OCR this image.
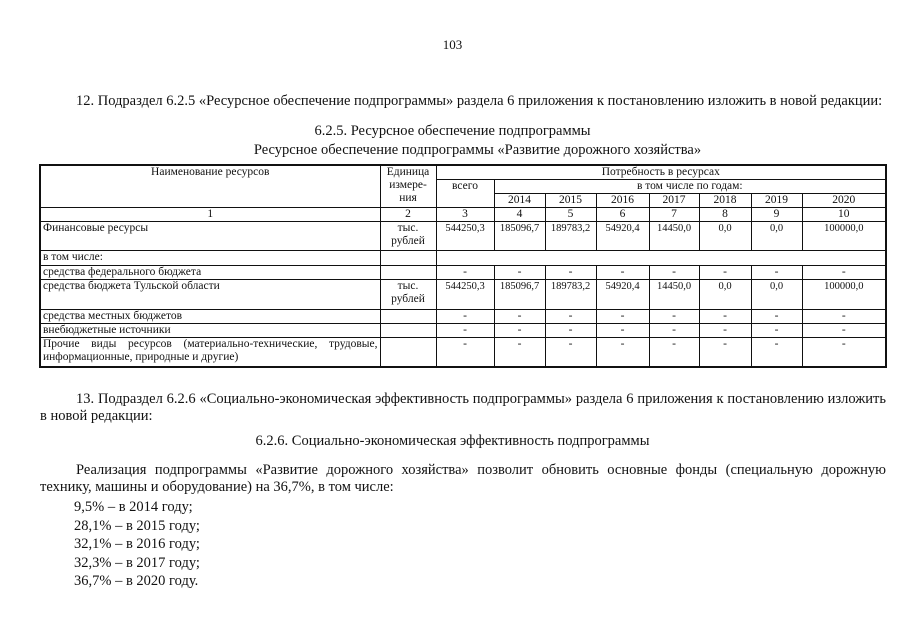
103
12. Подраздел 6.2.5 «Ресурсное обеспечение подпрограммы» раздела 6 приложения к постановлению изложить в новой редакции:
6.2.5. Ресурсное обеспечение подпрограммы
Ресурсное обеспечение подпрограммы «Развитие дорожного хозяйства»
Наименование ресурсов	Единица измере-ния	Потребность в ресурсах							
		всего	в том числе по годам:						
			2014	2015	2016	2017	2018	2019	2020
1	2	3	4	5	6	7	8	9	10
Финансовые ресурсы	тыс. рублей	544250,3	185096,7	189783,2	54920,4	14450,0	0,0	0,0	100000,0
в том числе:									
средства федерального бюджета		-	-	-	-	-	-	-	-
средства бюджета Тульской области	тыс. рублей	544250,3	185096,7	189783,2	54920,4	14450,0	0,0	0,0	100000,0
средства местных бюджетов		-	-	-	-	-	-	-	-
внебюджетные источники		-	-	-	-	-	-	-	-
Прочие виды ресурсов (материально-технические, трудовые, информационные, природные и другие)		-	-	-	-	-	-	-	-
13. Подраздел 6.2.6 «Социально-экономическая эффективность подпрограммы» раздела 6 приложения к постановлению изложить в новой редакции:
6.2.6. Социально-экономическая эффективность подпрограммы
Реализация подпрограммы «Развитие дорожного хозяйства» позволит обновить основные фонды (специальную дорожную технику, машины и оборудование) на 36,7%, в том числе:
9,5% – в 2014 году;
28,1% – в 2015 году;
32,1% – в 2016 году;
32,3% – в 2017 году;
36,7% – в 2020 году.
